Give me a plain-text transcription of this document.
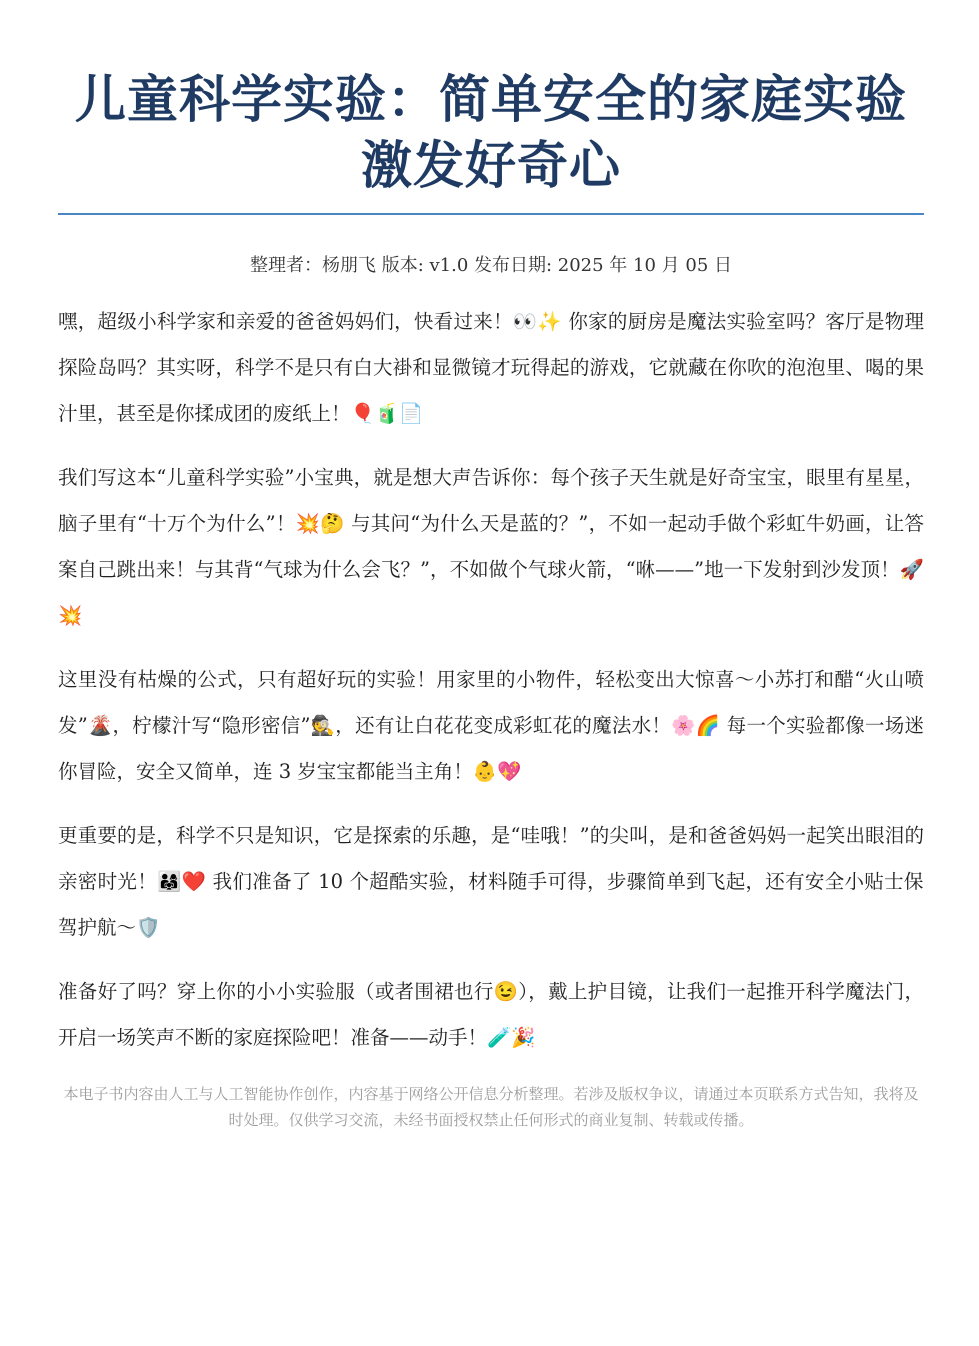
儿童科学实验：简单安全的家庭实验激发好奇心
整理者：杨朋飞 版本: v1.0 发布日期: 2025 年 10 月 05 日

嘿，超级小科学家和亲爱的爸爸妈妈们，快看过来！👀✨ 你家的厨房是魔法实验室吗？客厅是物理探险岛吗？其实呀，科学不是只有白大褂和显微镜才玩得起的游戏，它就藏在你吹的泡泡里、喝的果汁里，甚至是你揉成团的废纸上！🎈🧃📄

我们写这本“儿童科学实验”小宝典，就是想大声告诉你：每个孩子天生就是好奇宝宝，眼里有星星，脑子里有“十万个为什么”！💥🤔 与其问“为什么天是蓝的？”，不如一起动手做个彩虹牛奶画，让答案自己跳出来！与其背“气球为什么会飞？”，不如做个气球火箭，“咻——”地一下发射到沙发顶！🚀💥

这里没有枯燥的公式，只有超好玩的实验！用家里的小物件，轻松变出大惊喜～小苏打和醋“火山喷发”🌋，柠檬汁写“隐形密信”🕵️，还有让白花花变成彩虹花的魔法水！🌸🌈 每一个实验都像一场迷你冒险，安全又简单，连 3 岁宝宝都能当主角！👶💖

更重要的是，科学不只是知识，它是探索的乐趣，是“哇哦！”的尖叫，是和爸爸妈妈一起笑出眼泪的亲密时光！👨‍👩‍👧❤️ 我们准备了 10 个超酷实验，材料随手可得，步骤简单到飞起，还有安全小贴士保驾护航～🛡️

准备好了吗？穿上你的小小实验服（或者围裙也行😉），戴上护目镜，让我们一起推开科学魔法门，开启一场笑声不断的家庭探险吧！准备——动手！🧪🎉

本电子书内容由人工与人工智能协作创作，内容基于网络公开信息分析整理。若涉及版权争议，请通过本页联系方式告知，我将及时处理。仅供学习交流，未经书面授权禁止任何形式的商业复制、转载或传播。
